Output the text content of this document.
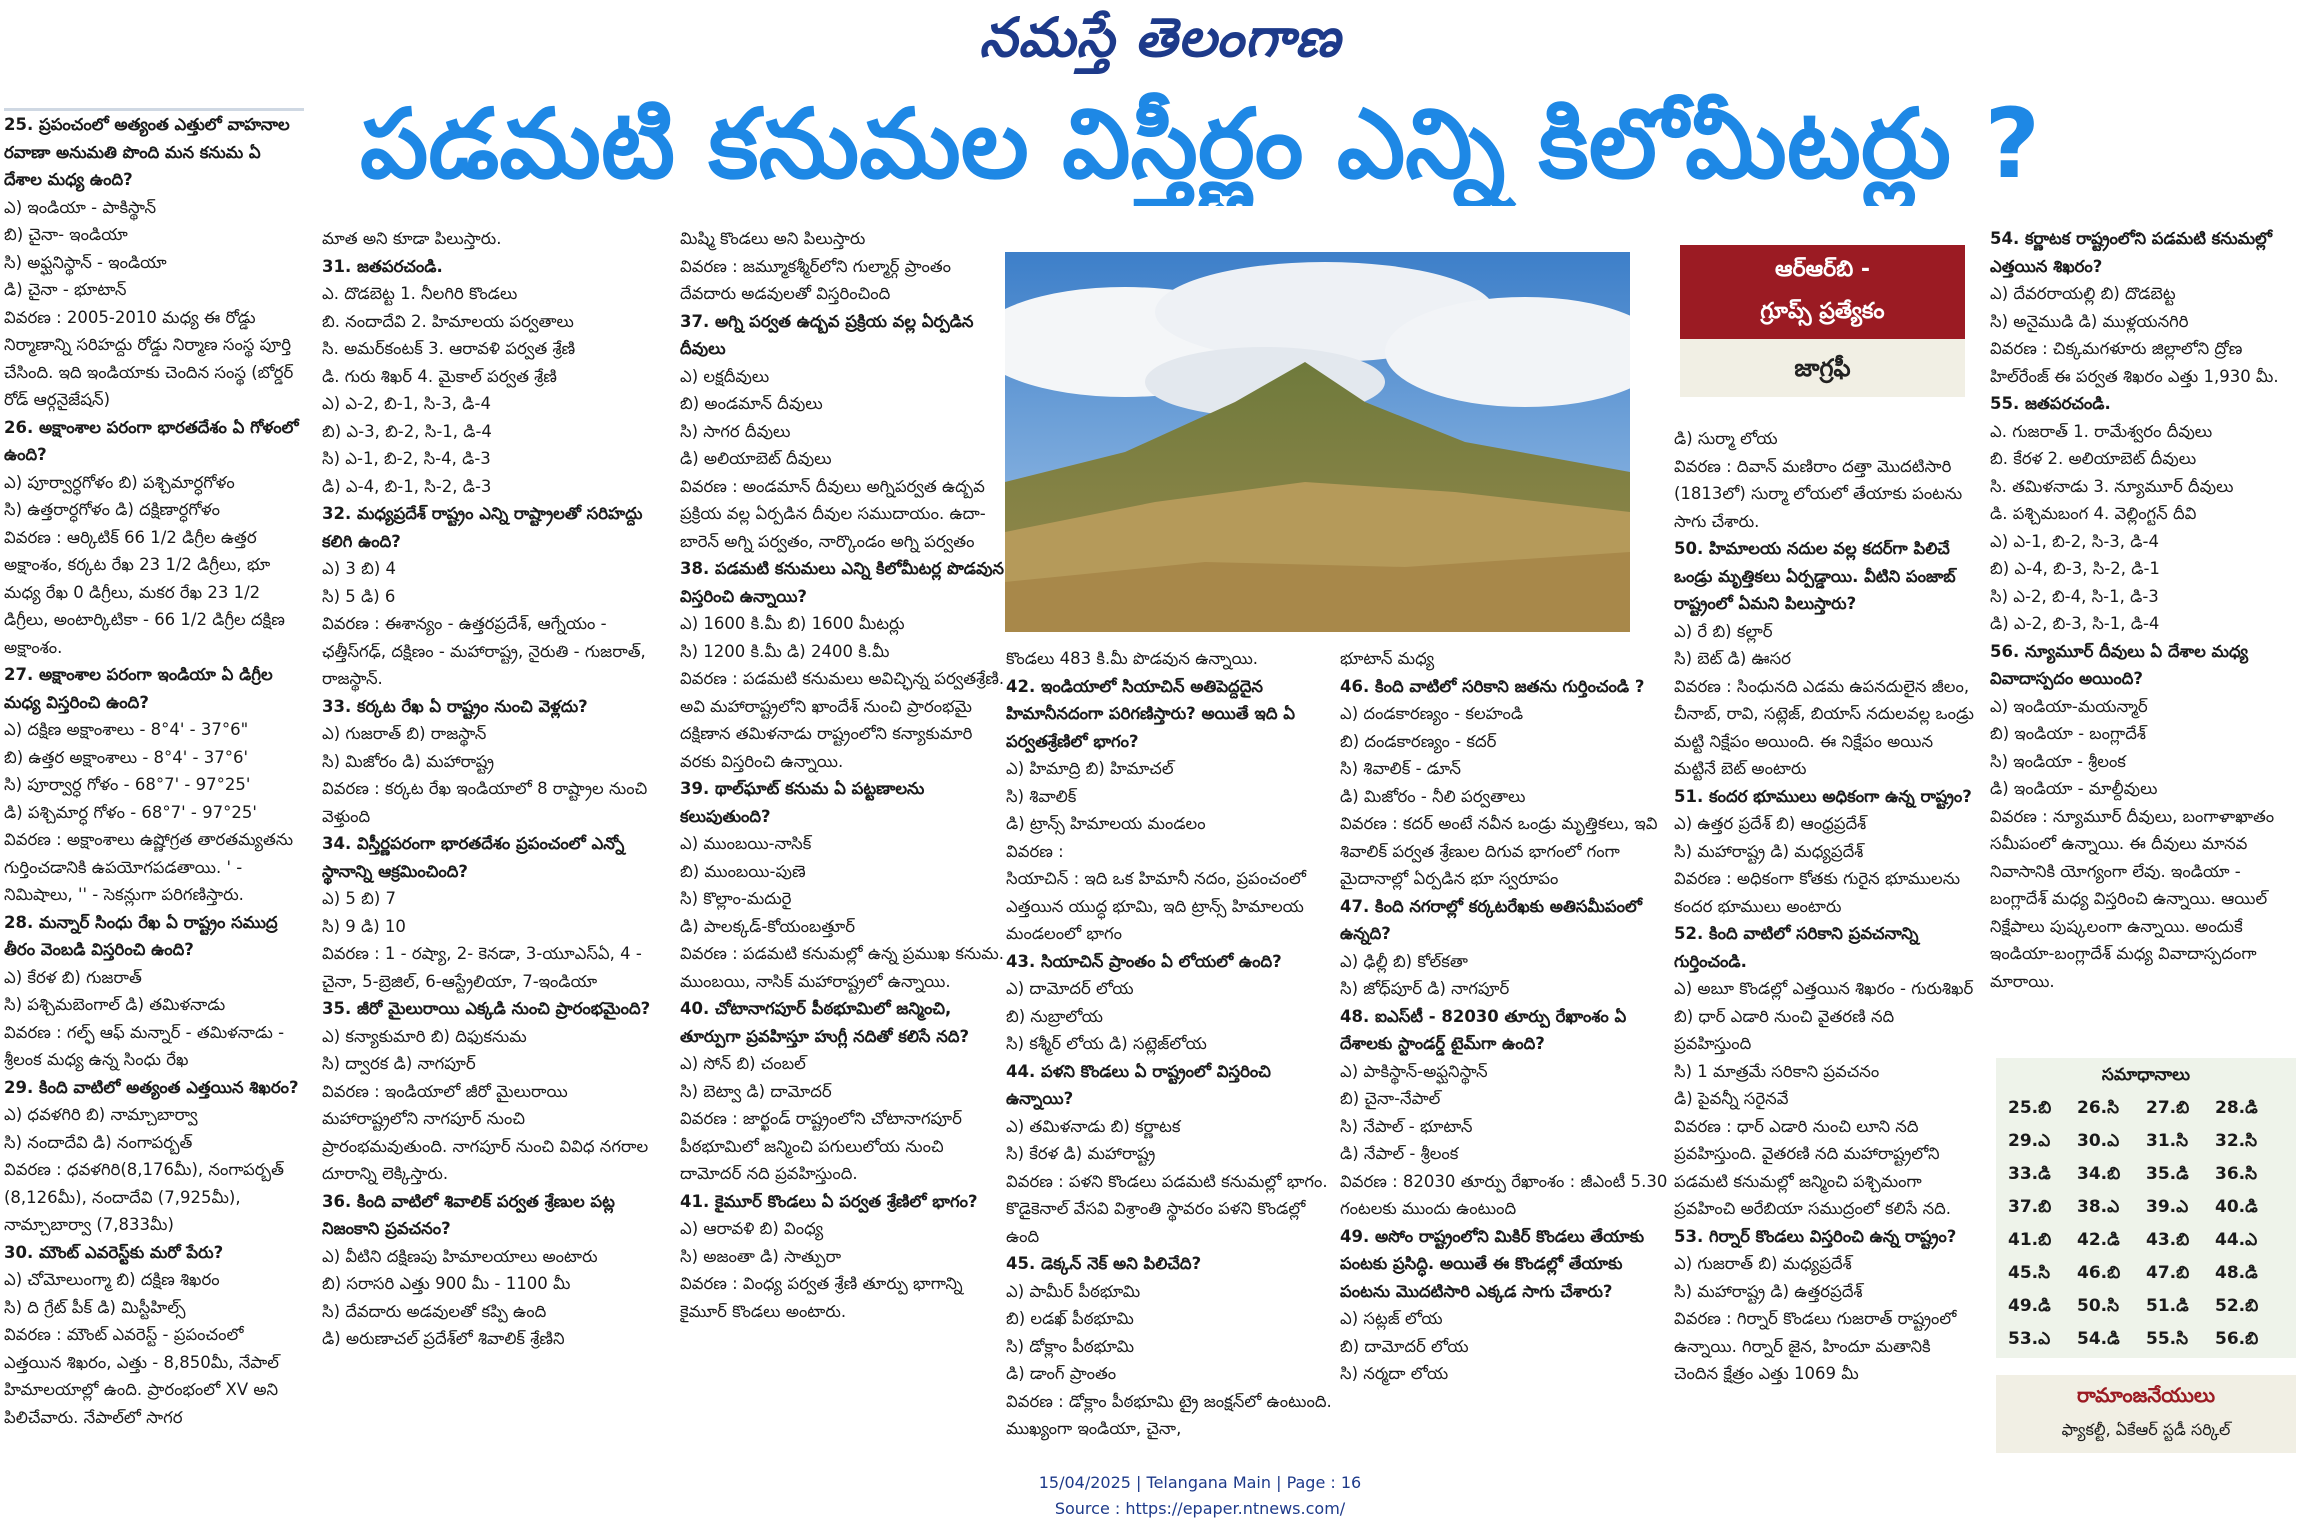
నమస్తే తెలంగాణ
పడమటి కనుమల విస్తీర్ణం ఎన్ని కిలోమీటర్లు ?

25. ప్రపంచంలో అత్యంత ఎత్తులో వాహనాల రవాణా అనుమతి పొంది మన కనుమ ఏ దేశాల మధ్య ఉంది?

ఎ) ఇండియా - పాకిస్థాన్

బి) చైనా- ఇండియా

సి) అఫ్ఘనిస్థాన్ - ఇండియా

డి) చైనా - భూటాన్

వివరణ : 2005-2010 మధ్య ఈ రోడ్డు నిర్మాణాన్ని సరిహద్దు రోడ్డు నిర్మాణ సంస్థ పూర్తి చేసింది. ఇది ఇండియాకు చెందిన సంస్థ (బోర్డర్ రోడ్ ఆర్గనైజేషన్)

26. అక్షాంశాల పరంగా భారతదేశం ఏ గోళంలో ఉంది?

ఎ) పూర్వార్ధగోళం బి) పశ్చిమార్ధగోళం

సి) ఉత్తరార్ధగోళం డి) దక్షిణార్ధగోళం

వివరణ : ఆర్కిటిక్ 66 1/2 డిగ్రీల ఉత్తర అక్షాంశం, కర్కట రేఖ 23 1/2 డిగ్రీలు, భూ మధ్య రేఖ 0 డిగ్రీలు, మకర రేఖ 23 1/2 డిగ్రీలు, అంటార్కిటికా - 66 1/2 డిగ్రీల దక్షిణ అక్షాంశం.

27. అక్షాంశాల పరంగా ఇండియా ఏ డిగ్రీల మధ్య విస్తరించి ఉంది?

ఎ) దక్షిణ అక్షాంశాలు - 8°4' - 37°6"

బి) ఉత్తర అక్షాంశాలు - 8°4' - 37°6'

సి) పూర్వార్ధ గోళం - 68°7' - 97°25'

డి) పశ్చిమార్ధ గోళం - 68°7' - 97°25'

వివరణ : అక్షాంశాలు ఉష్ణోగ్రత తారతమ్యతను గుర్తించడానికి ఉపయోగపడతాయి. ' - నిమిషాలు, '' - సెకన్లుగా పరిగణిస్తారు.

28. మన్నార్ సింధు రేఖ ఏ రాష్ట్రం సముద్ర తీరం వెంబడి విస్తరించి ఉంది?

ఎ) కేరళ బి) గుజరాత్

సి) పశ్చిమబెంగాల్ డి) తమిళనాడు

వివరణ : గల్ఫ్ ఆఫ్ మన్నార్ - తమిళనాడు - శ్రీలంక మధ్య ఉన్న సింధు రేఖ

29. కింది వాటిలో అత్యంత ఎత్తయిన శిఖరం?

ఎ) ధవళగిరి బి) నామ్చాబార్వా

సి) నందాదేవి డి) నంగాపర్బత్

వివరణ : ధవళగిరి(8,176మీ), నంగాపర్బత్ (8,126మీ), నందాదేవి (7,925మీ), నామ్చాబార్వా (7,833మీ)

30. మౌంట్ ఎవరెస్ట్‌కు మరో పేరు?

ఎ) చోమోలుంగ్మా బి) దక్షిణ శిఖరం

సి) ది గ్రేట్ పీక్ డి) మిస్టీహిల్స్

వివరణ : మౌంట్ ఎవరెస్ట్ - ప్రపంచంలో ఎత్తయిన శిఖరం, ఎత్తు - 8,850మీ, నేపాల్ హిమాలయాల్లో ఉంది. ప్రారంభంలో XV అని పిలిచేవారు. నేపాల్‌లో సాగర

మాత అని కూడా పిలుస్తారు.

31. జతపరచండి.

ఎ. దొడబెట్ట 1. నీలగిరి కొండలు

బి. నందాదేవి 2. హిమాలయ పర్వతాలు

సి. అమర్‌కంటక్ 3. ఆరావళి పర్వత శ్రేణి

డి. గురు శిఖర్ 4. మైకాల్ పర్వత శ్రేణి

ఎ) ఎ-2, బి-1, సి-3, డి-4

బి) ఎ-3, బి-2, సి-1, డి-4

సి) ఎ-1, బి-2, సి-4, డి-3

డి) ఎ-4, బి-1, సి-2, డి-3

32. మధ్యప్రదేశ్ రాష్ట్రం ఎన్ని రాష్ట్రాలతో సరిహద్దు కలిగి ఉంది?

ఎ) 3 బి) 4

సి) 5 డి) 6

వివరణ : ఈశాన్యం - ఉత్తరప్రదేశ్, ఆగ్నేయం - ఛత్తీస్‌గఢ్, దక్షిణం - మహారాష్ట్ర, నైరుతి - గుజరాత్, రాజస్థాన్.

33. కర్కట రేఖ ఏ రాష్ట్రం నుంచి వెళ్లదు?

ఎ) గుజరాత్ బి) రాజస్థాన్

సి) మిజోరం డి) మహారాష్ట్ర

వివరణ : కర్కట రేఖ ఇండియాలో 8 రాష్ట్రాల నుంచి వెళ్తుంది

34. విస్తీర్ణపరంగా భారతదేశం ప్రపంచంలో ఎన్నో స్థానాన్ని ఆక్రమించింది?

ఎ) 5 బి) 7

సి) 9 డి) 10

వివరణ : 1 - రష్యా, 2- కెనడా, 3-యూఎస్ఏ, 4 - చైనా, 5-బ్రెజిల్, 6-ఆస్ట్రేలియా, 7-ఇండియా

35. జీరో మైలురాయి ఎక్కడి నుంచి ప్రారంభమైంది?

ఎ) కన్యాకుమారి బి) దిఫుకనుమ

సి) ద్వారక డి) నాగపూర్

వివరణ : ఇండియాలో జీరో మైలురాయి మహారాష్ట్రలోని నాగపూర్ నుంచి ప్రారంభమవుతుంది. నాగపూర్ నుంచి వివిధ నగరాల దూరాన్ని లెక్కిస్తారు.

36. కింది వాటిలో శివాలిక్ పర్వత శ్రేణుల పట్ల నిజంకాని ప్రవచనం?

ఎ) వీటిని దక్షిణపు హిమాలయాలు అంటారు

బి) సరాసరి ఎత్తు 900 మీ - 1100 మీ

సి) దేవదారు అడవులతో కప్పి ఉంది

డి) అరుణాచల్ ప్రదేశ్‌లో శివాలిక్ శ్రేణిని

మిష్మి కొండలు అని పిలుస్తారు

వివరణ : జమ్మూకశ్మీర్‌లోని గుల్మార్గ్ ప్రాంతం దేవదారు అడవులతో విస్తరించింది

37. అగ్ని పర్వత ఉద్బవ ప్రక్రియ వల్ల ఏర్పడిన దీవులు

ఎ) లక్షదీవులు

బి) అండమాన్ దీవులు

సి) సాగర దీవులు

డి) అలియాబెట్ దీవులు

వివరణ : అండమాన్ దీవులు అగ్నిపర్వత ఉద్బవ ప్రక్రియ వల్ల ఏర్పడిన దీవుల సముదాయం. ఉదా- బారెన్ అగ్ని పర్వతం, నార్కొండం అగ్ని పర్వతం

38. పడమటి కనుమలు ఎన్ని కిలోమీటర్ల పొడవున విస్తరించి ఉన్నాయి?

ఎ) 1600 కి.మీ బి) 1600 మీటర్లు

సి) 1200 కి.మీ డి) 2400 కి.మీ

వివరణ : పడమటి కనుమలు అవిచ్ఛిన్న పర్వతశ్రేణి. అవి మహారాష్ట్రలోని ఖాందేశ్ నుంచి ప్రారంభమై దక్షిణాన తమిళనాడు రాష్ట్రంలోని కన్యాకుమారి వరకు విస్తరించి ఉన్నాయి.

39. థాల్‌ఘాట్ కనుమ ఏ పట్టణాలను కలుపుతుంది?

ఎ) ముంబయి-నాసిక్

బి) ముంబయి-పుణె

సి) కొల్లాం-మదురై

డి) పాలక్కడ్-కోయంబత్తూర్

వివరణ : పడమటి కనుమల్లో ఉన్న ప్రముఖ కనుమ. ముంబయి, నాసిక్ మహారాష్ట్రలో ఉన్నాయి.

40. చోటానాగపూర్ పీఠభూమిలో జన్మించి, తూర్పుగా ప్రవహిస్తూ హుగ్లీ నదితో కలిసే నది?

ఎ) సోన్ బి) చంబల్

సి) బెట్వా డి) దామోదర్

వివరణ : జార్ఖండ్ రాష్ట్రంలోని చోటానాగపూర్ పీఠభూమిలో జన్మించి పగులులోయ నుంచి దామోదర్ నది ప్రవహిస్తుంది.

41. కైమూర్ కొండలు ఏ పర్వత శ్రేణిలో భాగం?

ఎ) ఆరావళి బి) వింధ్య

సి) అజంతా డి) సాత్పురా

వివరణ : వింధ్య పర్వత శ్రేణి తూర్పు భాగాన్ని కైమూర్ కొండలు అంటారు.

ఆర్ఆర్‌బి -
గ్రూప్స్ ప్రత్యేకం
జాగ్రఫీ

కొండలు 483 కి.మీ పొడవున ఉన్నాయి.

42. ఇండియాలో సియాచిన్ అతిపెద్దదైన హిమానీనదంగా పరిగణిస్తారు? అయితే ఇది ఏ పర్వతశ్రేణిలో భాగం?

ఎ) హిమాద్రి బి) హిమాచల్

సి) శివాలిక్

డి) ట్రాన్స్ హిమాలయ మండలం

వివరణ :

సియాచిన్ : ఇది ఒక హిమానీ నదం, ప్రపంచంలో ఎత్తయిన యుద్ధ భూమి, ఇది ట్రాన్స్ హిమాలయ మండలంలో భాగం

43. సియాచిన్ ప్రాంతం ఏ లోయలో ఉంది?

ఎ) దామోదర్ లోయ

బి) నుబ్రాలోయ

సి) కశ్మీర్ లోయ డి) సట్లెజ్‌లోయ

44. పళని కొండలు ఏ రాష్ట్రంలో విస్తరించి ఉన్నాయి?

ఎ) తమిళనాడు బి) కర్ణాటక

సి) కేరళ డి) మహారాష్ట్ర

వివరణ : పళని కొండలు పడమటి కనుమల్లో భాగం. కొడైకెనాల్ వేసవి విశ్రాంతి స్థావరం పళని కొండల్లో ఉంది

45. డెక్కన్ నెక్ అని పిలిచేది?

ఎ) పామీర్ పీఠభూమి

బి) లడఖ్ పీఠభూమి

సి) డోక్లాం పీఠభూమి

డి) డాంగ్ ప్రాంతం

వివరణ : డోక్లాం పీఠభూమి ట్రై జంక్షన్‌లో ఉంటుంది. ముఖ్యంగా ఇండియా, చైనా,

భూటాన్ మధ్య

46. కింది వాటిలో సరికాని జతను గుర్తించండి ?

ఎ) దండకారణ్యం - కలహండి

బి) దండకారణ్యం - కదర్

సి) శివాలిక్ - డూన్

డి) మిజోరం - నీలి పర్వతాలు

వివరణ : కదర్ అంటే నవీన ఒండ్రు మృత్తికలు, ఇవి శివాలిక్ పర్వత శ్రేణుల దిగువ భాగంలో గంగా మైదానాల్లో ఏర్పడిన భూ స్వరూపం

47. కింది నగరాల్లో కర్కటరేఖకు అతిసమీపంలో ఉన్నది?

ఎ) ఢిల్లీ బి) కోల్‌కతా

సి) జోధ్‌పూర్ డి) నాగపూర్

48. ఐఎస్‌టీ - 82030 తూర్పు రేఖాంశం ఏ దేశాలకు స్టాండర్డ్ టైమ్‌గా ఉంది?

ఎ) పాకిస్థాన్-అఫ్ఘనిస్థాన్

బి) చైనా-నేపాల్

సి) నేపాల్ - భూటాన్

డి) నేపాల్ - శ్రీలంక

వివరణ : 82030 తూర్పు రేఖాంశం : జీఎంటీ 5.30 గంటలకు ముందు ఉంటుంది

49. అసోం రాష్ట్రంలోని మికిర్ కొండలు తేయాకు పంటకు ప్రసిద్ధి. అయితే ఈ కొండల్లో తేయాకు పంటను మొదటిసారి ఎక్కడ సాగు చేశారు?

ఎ) సట్లజ్ లోయ

బి) దామోదర్ లోయ

సి) నర్మదా లోయ

డి) సుర్మా లోయ

వివరణ : దివాన్ మణిరాం దత్తా మొదటిసారి (1813లో) సుర్మా లోయలో తేయాకు పంటను సాగు చేశారు.

50. హిమాలయ నదుల వల్ల కదర్‌గా పిలిచే ఒండ్రు మృత్తికలు ఏర్పడ్డాయి. వీటిని పంజాబ్ రాష్ట్రంలో ఏమని పిలుస్తారు?

ఎ) రే బి) కల్లార్

సి) బెట్ డి) ఊసర

వివరణ : సింధునది ఎడమ ఉపనదులైన జీలం, చీనాబ్, రావి, సట్లెజ్, బియాస్ నదులవల్ల ఒండ్రు మట్టి నిక్షేపం అయింది. ఈ నిక్షేపం అయిన మట్టినే బెట్ అంటారు

51. కందర భూములు అధికంగా ఉన్న రాష్ట్రం?

ఎ) ఉత్తర ప్రదేశ్ బి) ఆంధ్రప్రదేశ్

సి) మహారాష్ట్ర డి) మధ్యప్రదేశ్

వివరణ : అధికంగా కోతకు గురైన భూములను కందర భూములు అంటారు

52. కింది వాటిలో సరికాని ప్రవచనాన్ని గుర్తించండి.

ఎ) అబూ కొండల్లో ఎత్తయిన శిఖరం - గురుశిఖర్

బి) ధార్ ఎడారి నుంచి వైతరణి నది ప్రవహిస్తుంది

సి) 1 మాత్రమే సరికాని ప్రవచనం

డి) పైవన్నీ సరైనవే

వివరణ : ధార్ ఎడారి నుంచి లూని నది ప్రవహిస్తుంది. వైతరణి నది మహారాష్ట్రలోని పడమటి కనుమల్లో జన్మించి పశ్చిమంగా ప్రవహించి అరేబియా సముద్రంలో కలిసే నది.

53. గిర్నార్ కొండలు విస్తరించి ఉన్న రాష్ట్రం?

ఎ) గుజరాత్ బి) మధ్యప్రదేశ్

సి) మహారాష్ట్ర డి) ఉత్తరప్రదేశ్

వివరణ : గిర్నార్ కొండలు గుజరాత్ రాష్ట్రంలో ఉన్నాయి. గిర్నార్ జైన, హిందూ మతానికి చెందిన క్షేత్రం ఎత్తు 1069 మీ

54. కర్ణాటక రాష్ట్రంలోని పడమటి కనుమల్లో ఎత్తయిన శిఖరం?

ఎ) దేవరరాయల్లి బి) దొడబెట్ట

సి) అనైముడి డి) ముళ్లయనగిరి

వివరణ : చిక్కమగళూరు జిల్లాలోని ద్రోణ హిల్‌రేంజ్ ఈ పర్వత శిఖరం ఎత్తు 1,930 మీ.

55. జతపరచండి.

ఎ. గుజరాత్ 1. రామేశ్వరం దీవులు

బి. కేరళ 2. అలియాబెట్ దీవులు

సి. తమిళనాడు 3. న్యూమూర్ దీవులు

డి. పశ్చిమబంగ 4. వెల్లింగ్టన్ దీవి

ఎ) ఎ-1, బి-2, సి-3, డి-4

బి) ఎ-4, బి-3, సి-2, డి-1

సి) ఎ-2, బి-4, సి-1, డి-3

డి) ఎ-2, బి-3, సి-1, డి-4

56. న్యూమూర్ దీవులు ఏ దేశాల మధ్య వివాదాస్పదం అయింది?

ఎ) ఇండియా-మయన్మార్

బి) ఇండియా - బంగ్లాదేశ్

సి) ఇండియా - శ్రీలంక

డి) ఇండియా - మాల్దీవులు

వివరణ : న్యూమూర్ దీవులు, బంగాళాఖాతం సమీపంలో ఉన్నాయి. ఈ దీవులు మానవ నివాసానికి యోగ్యంగా లేవు. ఇండియా - బంగ్లాదేశ్ మధ్య విస్తరించి ఉన్నాయి. ఆయిల్ నిక్షేపాలు పుష్కలంగా ఉన్నాయి. అందుకే ఇండియా-బంగ్లాదేశ్ మధ్య వివాదాస్పదంగా మారాయి.

సమాధానాలు
25.బి	26.సి	27.బి	28.డి
29.ఎ	30.ఎ	31.సి	32.సి
33.డి	34.బి	35.డి	36.సి
37.బి	38.ఎ	39.ఎ	40.డి
41.బి	42.డి	43.బి	44.ఎ
45.సి	46.బి	47.బి	48.డి
49.డి	50.సి	51.డి	52.బి
53.ఎ	54.డి	55.సి	56.బి
రామాంజనేయులు
ఫ్యాకల్టీ, ఏకేఆర్ స్టడీ సర్కిల్
15/04/2025 | Telangana Main | Page : 16
Source : https://epaper.ntnews.com/
